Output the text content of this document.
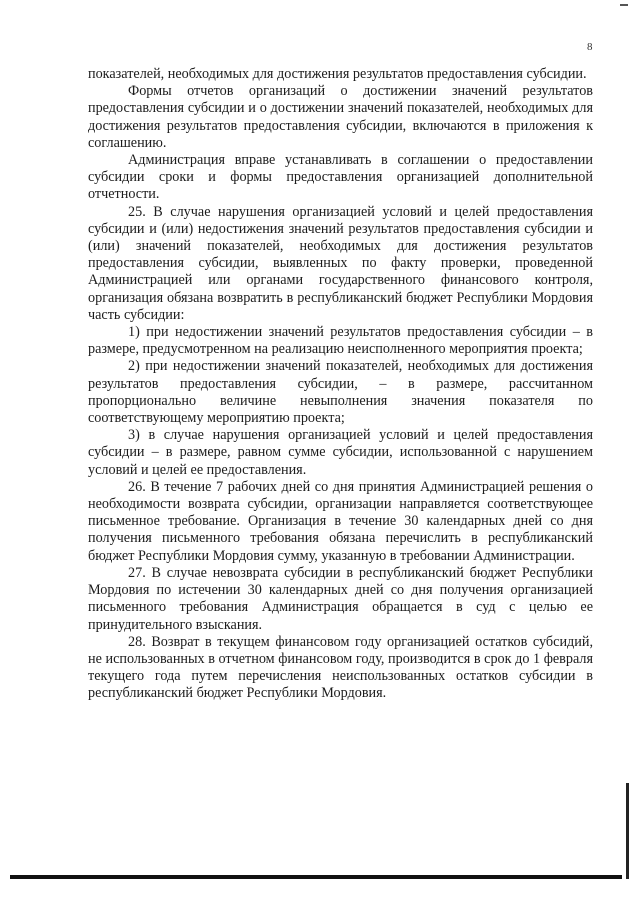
8

показателей, необходимых для достижения результатов предоставления субсидии.

Формы отчетов организаций о достижении значений результатов предоставления субсидии и о достижении значений показателей, необходимых для достижения результатов предоставления субсидии, включаются в приложения к соглашению.

Администрация вправе устанавливать в соглашении о предоставлении субсидии сроки и формы предоставления организацией дополнительной отчетности.

25. В случае нарушения организацией условий и целей предоставления субсидии и (или) недостижения значений результатов предоставления субсидии и (или) значений показателей, необходимых для достижения результатов предоставления субсидии, выявленных по факту проверки, проведенной Администрацией или органами государственного финансового контроля, организация обязана возвратить в республиканский бюджет Республики Мордовия часть субсидии:

1) при недостижении значений результатов предоставления субсидии – в размере, предусмотренном на реализацию неисполненного мероприятия проекта;

2) при недостижении значений показателей, необходимых для достижения результатов предоставления субсидии, – в размере, рассчитанном пропорционально величине невыполнения значения показателя по соответствующему мероприятию проекта;

3) в случае нарушения организацией условий и целей предоставления субсидии – в размере, равном сумме субсидии, использованной с нарушением условий и целей ее предоставления.

26. В течение 7 рабочих дней со дня принятия Администрацией решения о необходимости возврата субсидии, организации направляется соответствующее письменное требование. Организация в течение 30 календарных дней со дня получения письменного требования обязана перечислить в республиканский бюджет Республики Мордовия сумму, указанную в требовании Администрации.

27. В случае невозврата субсидии в республиканский бюджет Республики Мордовия по истечении 30 календарных дней со дня получения организацией письменного требования Администрация обращается в суд с целью ее принудительного взыскания.

28. Возврат в текущем финансовом году организацией остатков субсидий, не использованных в отчетном финансовом году, производится в срок до 1 февраля текущего года путем перечисления неиспользованных остатков субсидии в республиканский бюджет Республики Мордовия.
